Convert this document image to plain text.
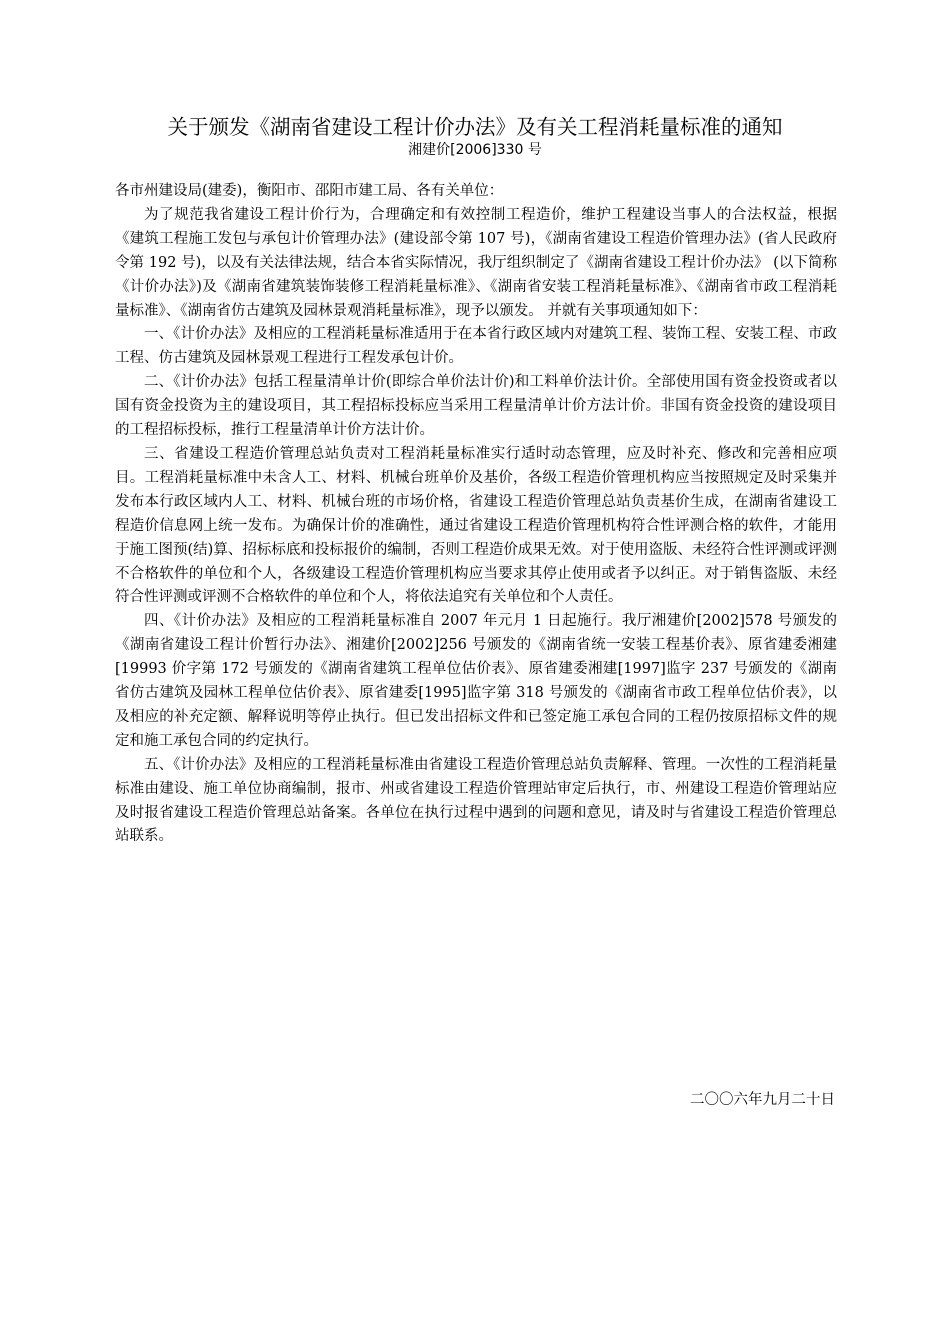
关于颁发《湖南省建设工程计价办法》及有关工程消耗量标准的通知
湘建价[2006]330 号

各市州建设局(建委)，衡阳市、邵阳市建工局、各有关单位：

为了规范我省建设工程计价行为，合理确定和有效控制工程造价，维护工程建设当事人的合法权益，根据《建筑工程施工发包与承包计价管理办法》(建设部令第 107 号)，《湖南省建设工程造价管理办法》(省人民政府令第 192 号)，以及有关法律法规，结合本省实际情况，我厅组织制定了《湖南省建设工程计价办法》 (以下简称《计价办法》)及《湖南省建筑装饰装修工程消耗量标准》、《湖南省安装工程消耗量标准》、《湖南省市政工程消耗量标准》、《湖南省仿古建筑及园林景观消耗量标准》，现予以颁发。 并就有关事项通知如下：

一、《计价办法》及相应的工程消耗量标准适用于在本省行政区域内对建筑工程、装饰工程、安装工程、市政工程、仿古建筑及园林景观工程进行工程发承包计价。

二、《计价办法》包括工程量清单计价(即综合单价法计价)和工料单价法计价。全部使用国有资金投资或者以国有资金投资为主的建设项目，其工程招标投标应当采用工程量清单计价方法计价。非国有资金投资的建设项目的工程招标投标，推行工程量清单计价方法计价。

三、省建设工程造价管理总站负责对工程消耗量标准实行适时动态管理，应及时补充、修改和完善相应项目。工程消耗量标准中未含人工、材料、机械台班单价及基价，各级工程造价管理机构应当按照规定及时采集并发布本行政区域内人工、材料、机械台班的市场价格，省建设工程造价管理总站负责基价生成，在湖南省建设工程造价信息网上统一发布。为确保计价的准确性，通过省建设工程造价管理机构符合性评测合格的软件，才能用于施工图预(结)算、招标标底和投标报价的编制，否则工程造价成果无效。对于使用盗版、未经符合性评测或评测不合格软件的单位和个人，各级建设工程造价管理机构应当要求其停止使用或者予以纠正。对于销售盗版、未经符合性评测或评测不合格软件的单位和个人，将依法追究有关单位和个人责任。

四、《计价办法》及相应的工程消耗量标准自 2007 年元月 1 日起施行。我厅湘建价[2002]578 号颁发的《湖南省建设工程计价暂行办法》、湘建价[2002]256 号颁发的《湖南省统一安装工程基价表》、原省建委湘建[19993 价字第 172 号颁发的《湖南省建筑工程单位估价表》、原省建委湘建[1997]监字 237 号颁发的《湖南省仿古建筑及园林工程单位估价表》、原省建委[1995]监字第 318 号颁发的《湖南省市政工程单位估价表》，以及相应的补充定额、解释说明等停止执行。但已发出招标文件和已签定施工承包合同的工程仍按原招标文件的规定和施工承包合同的约定执行。

五、《计价办法》及相应的工程消耗量标准由省建设工程造价管理总站负责解释、管理。一次性的工程消耗量标准由建设、施工单位协商编制，报市、州或省建设工程造价管理站审定后执行，市、州建设工程造价管理站应及时报省建设工程造价管理总站备案。各单位在执行过程中遇到的问题和意见，请及时与省建设工程造价管理总站联系。

二〇〇六年九月二十日
